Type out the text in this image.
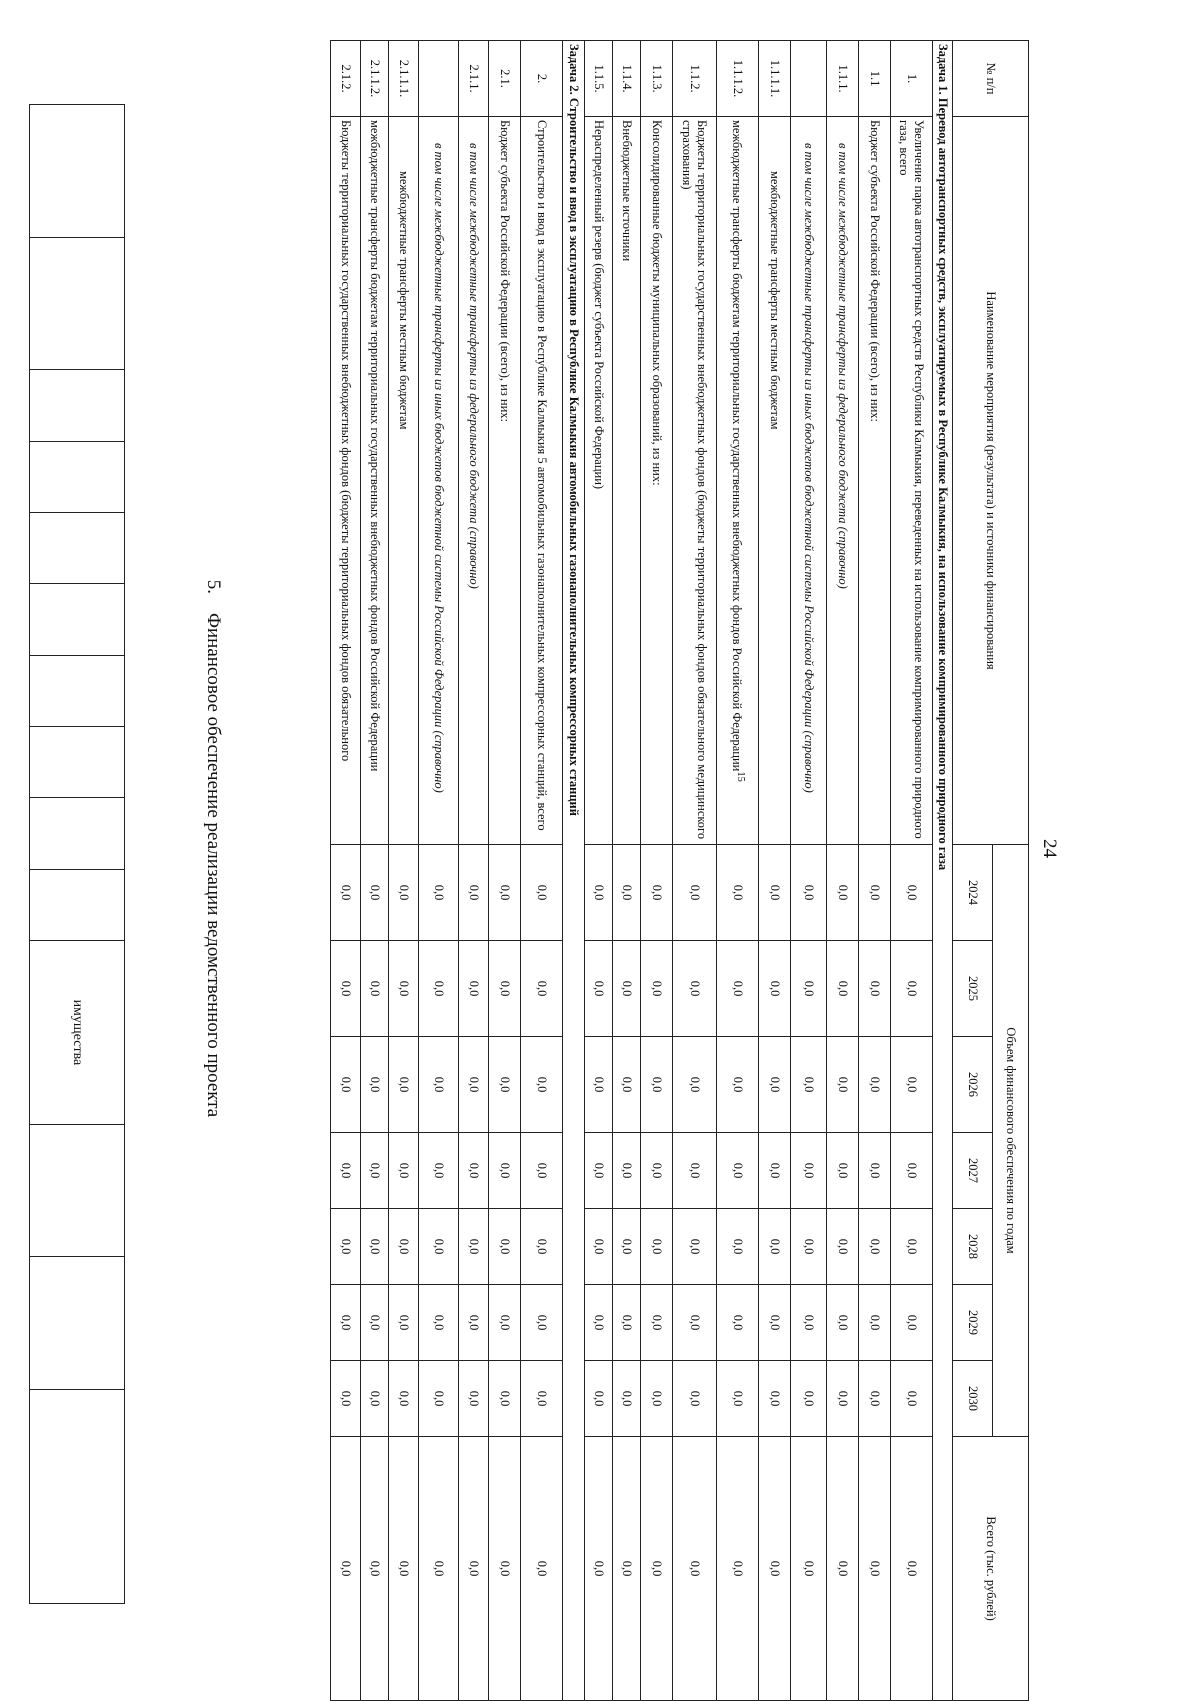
										имущества			
5.    Финансовое обеспечение реализации ведомственного проекта
№ п/п	Наименование мероприятия (результата) и источники финансирования	Объем финансового обеспечения по годам							Всего (тыс. рублей)
		2024	2025	2026	2027	2028	2029	2030	
Задача 1. Перевод автотранспортных средств, эксплуатируемых в Республике Калмыкия, на использование компримированного природного газа									
1.	Увеличение парка автотранспортных средств Республики Калмыкия, переведенных на использование компримированного природного газа, всего	0,0	0,0	0,0	0,0	0,0	0,0	0,0	0,0
1.1	Бюджет субъекта Российской Федерации (всего), из них:	0,0	0,0	0,0	0,0	0,0	0,0	0,0	0,0
1.1.1.	в том числе межбюджетные трансферты из федерального бюджета (справочно)	0,0	0,0	0,0	0,0	0,0	0,0	0,0	0,0
	в том числе межбюджетные трансферты из иных бюджетов бюджетной системы Российской Федерации (справочно)	0,0	0,0	0,0	0,0	0,0	0,0	0,0	0,0
1.1.1.1.	межбюджетные трансферты местным бюджетам	0,0	0,0	0,0	0,0	0,0	0,0	0,0	0,0
1.1.1.2.	межбюджетные трансферты бюджетам территориальных государственных внебюджетных фондов Российской Федерации$^{15}$	0,0	0,0	0,0	0,0	0,0	0,0	0,0	0,0
1.1.2.	Бюджеты территориальных государственных внебюджетных фондов (бюджеты территориальных фондов обязательного медицинского страхования)	0,0	0,0	0,0	0,0	0,0	0,0	0,0	0,0
1.1.3.	Консолидированные бюджеты муниципальных образований, из них:	0,0	0,0	0,0	0,0	0,0	0,0	0,0	0,0
1.1.4.	Внебюджетные источники	0,0	0,0	0,0	0,0	0,0	0,0	0,0	0,0
1.1.5.	Нераспределенный резерв (бюджет субъекта Российской Федерации)	0,0	0,0	0,0	0,0	0,0	0,0	0,0	0,0
Задача 2. Строительство и ввод в эксплуатацию в Республике Калмыкия автомобильных газонаполнительных компрессорных станций									
2.	Строительство и ввод в эксплуатацию в Республике Калмыкия 5 автомобильных газонаполнительных компрессорных станций, всего	0,0	0,0	0,0	0,0	0,0	0,0	0,0	0,0
2.1.	Бюджет субъекта Российской Федерации (всего), из них:	0,0	0,0	0,0	0,0	0,0	0,0	0,0	0,0
2.1.1.	в том числе межбюджетные трансферты из федерального бюджета (справочно)	0,0	0,0	0,0	0,0	0,0	0,0	0,0	0,0
	в том числе межбюджетные трансферты из иных бюджетов бюджетной системы Российской Федерации (справочно)	0,0	0,0	0,0	0,0	0,0	0,0	0,0	0,0
2.1.1.1.	межбюджетные трансферты местным бюджетам	0,0	0,0	0,0	0,0	0,0	0,0	0,0	0,0
2.1.1.2.	межбюджетные трансферты бюджетам территориальных государственных внебюджетных фондов Российской Федерации	0,0	0,0	0,0	0,0	0,0	0,0	0,0	0,0
2.1.2.	Бюджеты территориальных государственных внебюджетных фондов (бюджеты территориальных фондов обязательного	0,0	0,0	0,0	0,0	0,0	0,0	0,0	0,0
24
